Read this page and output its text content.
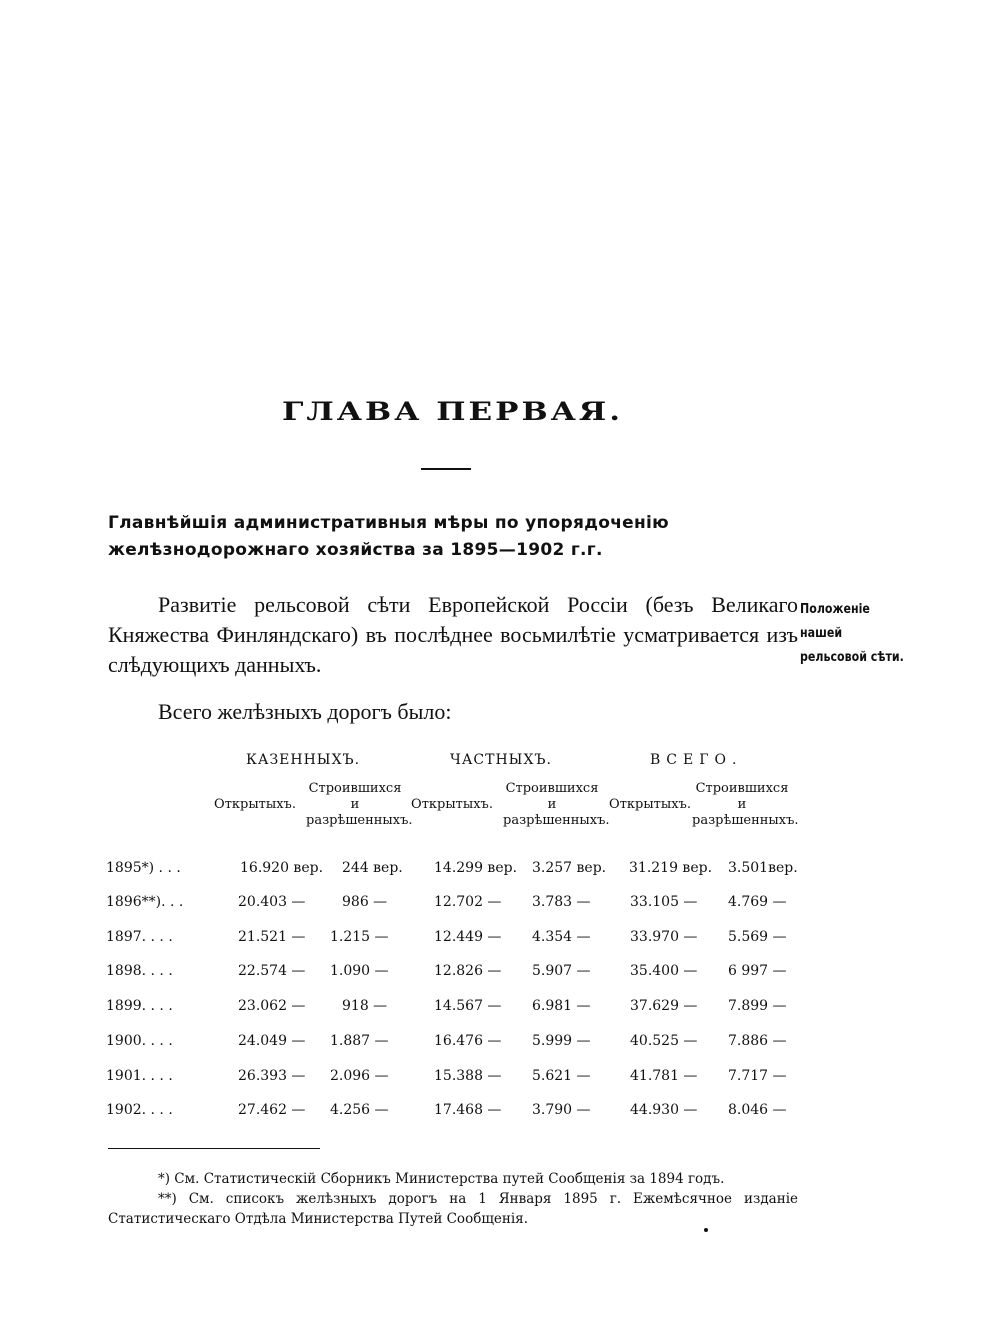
ГЛАВА ПЕРВАЯ.
Главнѣйшія административныя мѣры по упорядоченію желѣзнодорожнаго хозяйства за 1895—1902 г.г.
Развитіе рельсовой сѣти Европейской Россіи (безъ Великаго Княжества Финляндскаго) въ послѣднее восьмилѣтіе усматривается изъ слѣдующихъ данныхъ.
Положеніе нашей рельсовой сѣти.
Всего желѣзныхъ дорогъ было:
КАЗЕННЫХЪ.	ЧАСТНЫХЪ.	ВСЕГО.
Открытыхъ.
Строившихся и разрѣшенныхъ.
Открытыхъ.
Строившихся и разрѣшенныхъ.
Открытыхъ.
Строившихся и разрѣшенныхъ.
1895*) . . .	16.920 вер. 244 вер. 14.299 вер. 3.257 вер. 31.219 вер. 3.501вер.
1896**). . .	20.403 —	986 —	12.702 — 3.783 —	33.105 — 4.769 —
1897. . . .	21.521 — 1.215 —	12.449 — 4.354 —	33.970 — 5.569 —
1898. . . .	22.574 — 1.090 —	12.826 — 5.907 —	35.400 — 6 997 —
1899. . . .	23.062 —	918 —	14.567 — 6.981 —	37.629 — 7.899 —
1900. . . .	24.049 — 1.887 —	16.476 — 5.999 —	40.525 — 7.886 —
1901. . . .	26.393 — 2.096 —	15.388 — 5.621 —	41.781 — 7.717 —
1902. . . .	27.462 — 4.256 —	17.468 — 3.790 —	44.930 — 8.046 —
*) См. Статистическій Сборникъ Министерства путей Сообщенія за 1894 годъ.
**) См. списокъ желѣзныхъ дорогъ на 1 Января 1895 г. Ежемѣсячное изданіе Статистическаго Отдѣла Министерства Путей Сообщенія.
